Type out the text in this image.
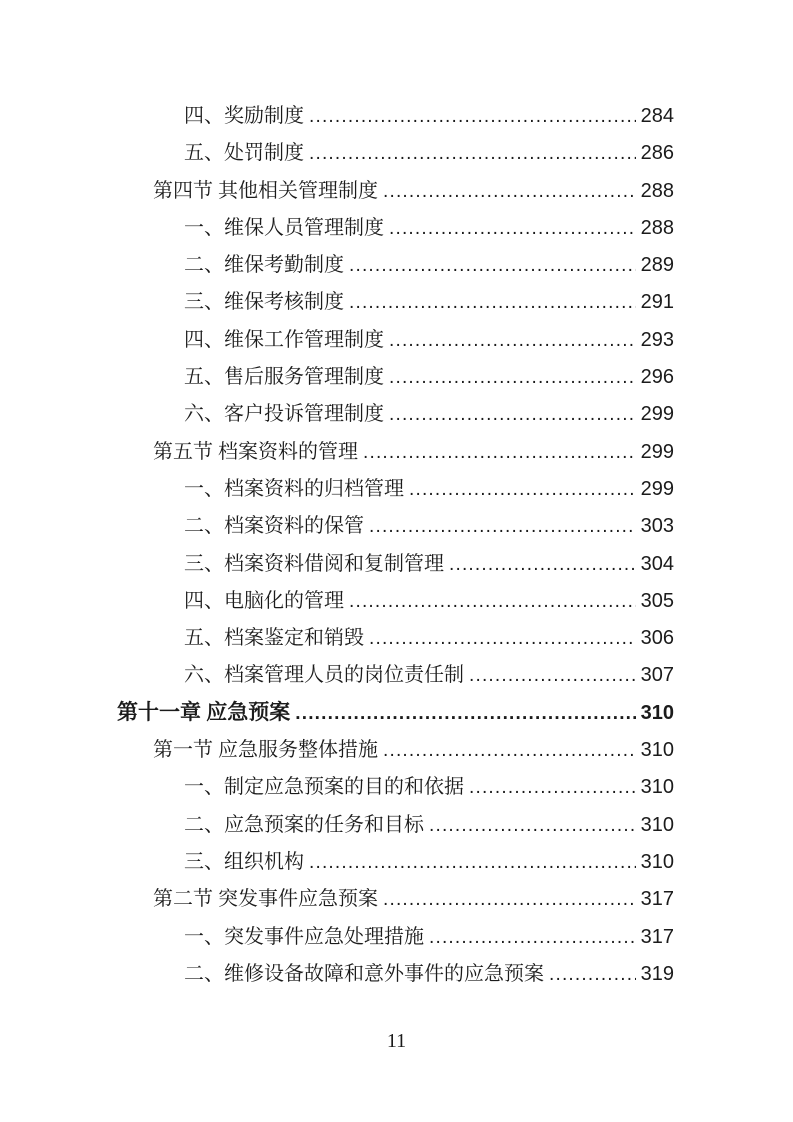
四、奖励制度 .....	284
五、处罚制度 .....	286
第四节 其他相关管理制度 .....	288
一、维保人员管理制度 .....	288
二、维保考勤制度 .....	289
三、维保考核制度 .....	291
四、维保工作管理制度 .....	293
五、售后服务管理制度 .....	296
六、客户投诉管理制度 .....	299
第五节 档案资料的管理 .....	299
一、档案资料的归档管理 .....	299
二、档案资料的保管 .....	303
三、档案资料借阅和复制管理 .....	304
四、电脑化的管理 .....	305
五、档案鉴定和销毁 .....	306
六、档案管理人员的岗位责任制 .....	307
第十一章 应急预案 .....	310
第一节 应急服务整体措施 .....	310
一、制定应急预案的目的和依据 .....	310
二、应急预案的任务和目标 .....	310
三、组织机构 .....	310
第二节 突发事件应急预案 .....	317
一、突发事件应急处理措施 .....	317
二、维修设备故障和意外事件的应急预案 .....	319
11
